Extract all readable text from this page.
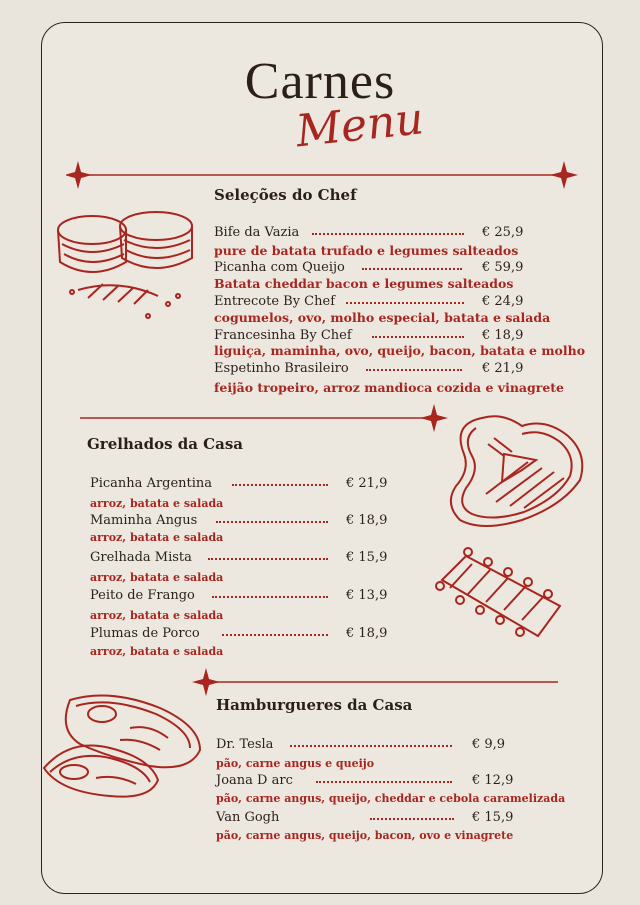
Carnes
Menu
Seleções do Chef
Bife da Vazia	€ 25,9
pure de batata trufado e legumes salteados
Picanha com Queijo	€ 59,9
Batata cheddar bacon e legumes salteados
Entrecote By Chef	€ 24,9
cogumelos, ovo, molho especial, batata e salada
Francesinha By Chef	€ 18,9
liguiça, maminha, ovo, queijo, bacon, batata e molho
Espetinho Brasileiro	€ 21,9
feijão tropeiro, arroz mandioca cozida e vinagrete
Grelhados da Casa
Picanha Argentina	€ 21,9
arroz, batata e salada
Maminha Angus	€ 18,9
arroz, batata e salada
Grelhada Mista	€ 15,9
arroz, batata e salada
Peito de Frango	€ 13,9
arroz, batata e salada
Plumas de Porco	€ 18,9
arroz, batata e salada
Hamburgueres da Casa
Dr. Tesla	€ 9,9
pão, carne angus e queijo
Joana D arc	€ 12,9
pão, carne angus, queijo, cheddar e cebola caramelizada
Van Gogh	€ 15,9
pão, carne angus, queijo, bacon, ovo e vinagrete
